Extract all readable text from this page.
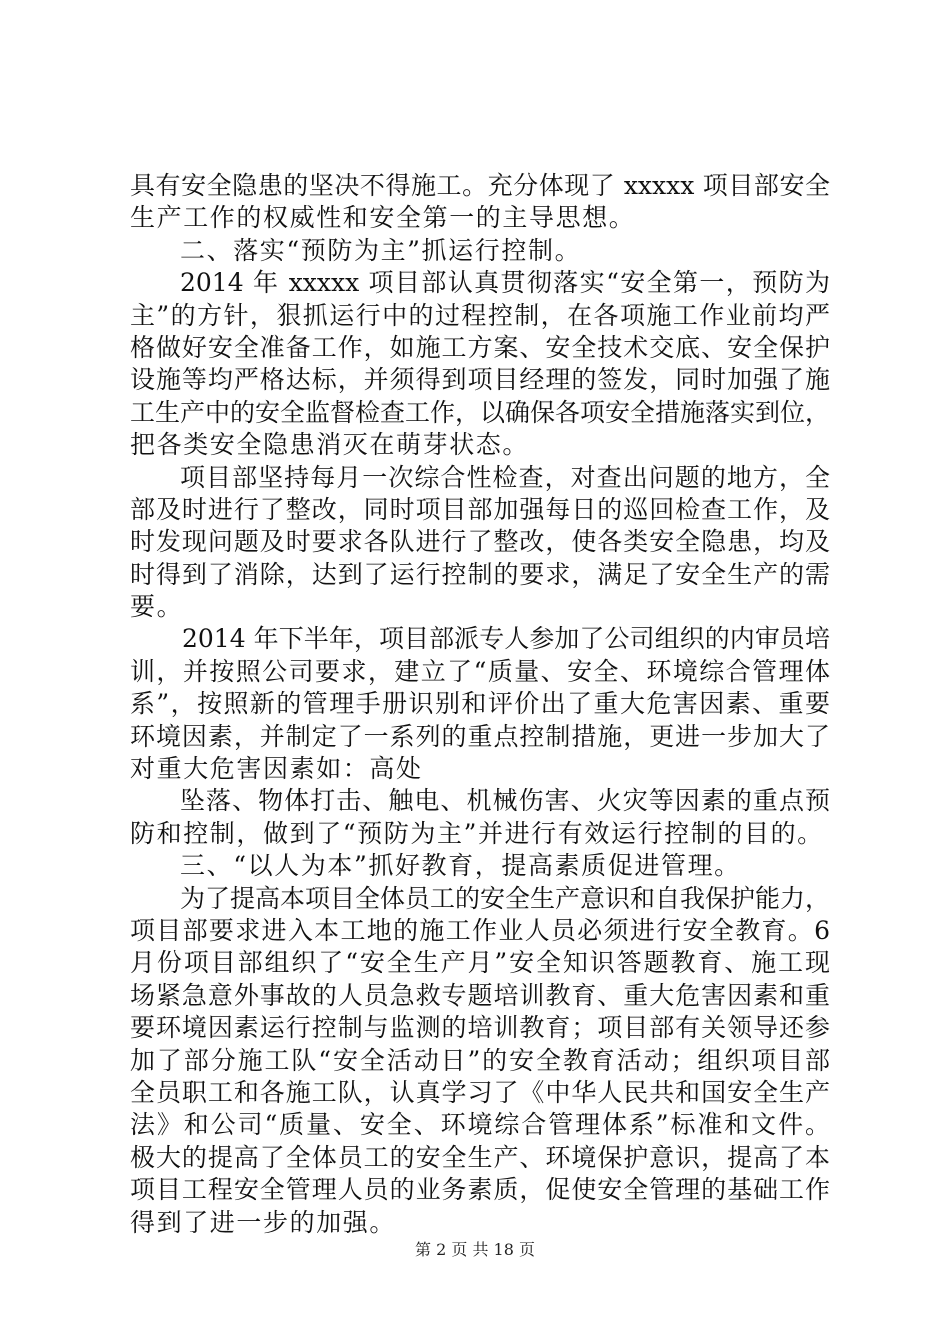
具有安全隐患的坚决不得施工。充分体现了 xxxxx 项目部安全
生产工作的权威性和安全第一的主导思想。
二、落实“预防为主”抓运行控制。
2014 年 xxxxx 项目部认真贯彻落实“安全第一，预防为
主”的方针，狠抓运行中的过程控制，在各项施工作业前均严
格做好安全准备工作，如施工方案、安全技术交底、安全保护
设施等均严格达标，并须得到项目经理的签发，同时加强了施
工生产中的安全监督检查工作，以确保各项安全措施落实到位，
把各类安全隐患消灭在萌芽状态。
项目部坚持每月一次综合性检查，对查出问题的地方，全
部及时进行了整改，同时项目部加强每日的巡回检查工作，及
时发现问题及时要求各队进行了整改，使各类安全隐患，均及
时得到了消除，达到了运行控制的要求，满足了安全生产的需
要。
2014 年下半年，项目部派专人参加了公司组织的内审员培
训，并按照公司要求，建立了“质量、安全、环境综合管理体
系”，按照新的管理手册识别和评价出了重大危害因素、重要
环境因素，并制定了一系列的重点控制措施，更进一步加大了
对重大危害因素如：高处
坠落、物体打击、触电、机械伤害、火灾等因素的重点预
防和控制，做到了“预防为主”并进行有效运行控制的目的。
三、“以人为本”抓好教育，提高素质促进管理。
为了提高本项目全体员工的安全生产意识和自我保护能力，
项目部要求进入本工地的施工作业人员必须进行安全教育。6
月份项目部组织了“安全生产月”安全知识答题教育、施工现
场紧急意外事故的人员急救专题培训教育、重大危害因素和重
要环境因素运行控制与监测的培训教育；项目部有关领导还参
加了部分施工队“安全活动日”的安全教育活动；组织项目部
全员职工和各施工队，认真学习了《中华人民共和国安全生产
法》和公司“质量、安全、环境综合管理体系”标准和文件。
极大的提高了全体员工的安全生产、环境保护意识，提高了本
项目工程安全管理人员的业务素质，促使安全管理的基础工作
得到了进一步的加强。
第 2 页 共 18 页
